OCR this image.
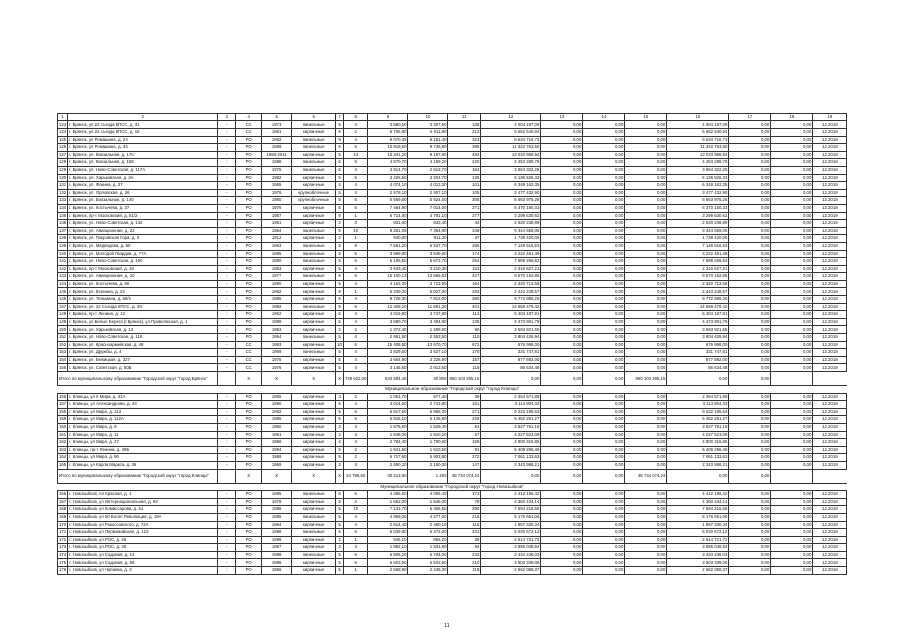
1	2	3	4	5	6	7	8	9	10	11	12	13	14	15	16	17	18	19
123	г. Брянск, ул 22 съезда КПСС, д. 31	-	СС	1973	панельные	5	4	3 580,50	3 307,50	138	4 004 197,09	0,00	0,00	0,00	4 004 197,09	0,00	0,00	12.2019
124	г. Брянск, ул 22 съезда КПСС, д. 15	-	СС	1981	кирпичные	9	2	6 706,90	6 511,90	212	5 662 540,84	0,00	0,00	0,00	5 662 540,84	0,00	0,00	12.2019
125	г. Брянск, ул Ромашина, д. 24	-	РО	1982	панельные	9	4	9 070,45	8 181,40	324	9 634 716,73	0,00	0,00	0,00	9 634 716,73	0,00	0,00	12.2019
126	г. Брянск, ул Ромашина, д. 34	-	РО	1989	панельные	9	6	10 919,60	9 736,80	395	11 322 763,60	0,00	0,00	0,00	11 322 763,60	0,00	0,00	12.2019
127	г. Брянск, ул. Вокзальная, д. 170	-	РО	1983-2011	кирпичные	5	14	10 341,20	9 167,80	482	13 033 968,94	0,00	0,00	0,00	13 033 968,94	0,00	0,00	12.2019
128	г. Брянск, ул. Вокзальная, д. 158	-	РО	1988	панельные	5	6	4 570,70	4 199,20	220	4 453 289,78	0,00	0,00	0,00	4 453 289,78	0,00	0,00	12.2019
129	г. Брянск, ул. Ново-Советская, д. 117А	-	РО	1975	панельные	5	4	3 914,70	2 612,70	164	3 964 322,25	0,00	0,00	0,00	3 964 322,25	0,00	0,00	12.2019
130	г. Брянск, ул. Харьковская, д. 3А	-	РО	1982	кирпичные	5	6	3 426,50	3 204,70	135	5 136 526,33	0,00	0,00	0,00	5 136 526,33	0,00	0,00	12.2019
131	г. Брянск, ул. Фокина, д. 37	-	РО	1955	кирпичные	4	4	4 074,10	4 013,30	101	6 349 162,35	0,00	0,00	0,00	6 349 162,35	0,00	0,00	12.2019
132	г. Брянск, ул. Орловская, д. 26	-	РО	1976	крупноблочные	5	4	2 578,10	2 307,10	105	3 477 432,90	0,00	0,00	0,00	3 477 432,90	0,00	0,00	12.2019
133	г. Брянск, ул. Вокзальная, д. 140	-	РО	1980	крупноблочные	9	6	6 569,50	5 924,00	306	6 663 975,26	0,00	0,00	0,00	6 663 975,26	0,00	0,00	12.2019
134	г. Брянск, ул. Костычева, д. 37	-	РО	1976	кирпичные	5	6	7 464,90	7 014,00	271	6 370 150,33	0,00	0,00	0,00	6 370 150,33	0,00	0,00	12.2019
135	г. Брянск, пр-т Московский, д. 61/2	-	РО	1987	кирпичные	9	1	5 714,80	4 781,10	277	3 299 630,62	0,00	0,00	0,00	3 299 630,62	0,00	0,00	12.2019
136	г. Брянск, ул. Ново-Советская, д. 142	-	РО	1951	кирпичные	2	3	931,60	833,40	44	2 620 238,89	0,00	0,00	0,00	2 620 238,89	0,00	0,00	12.2019
137	г. Брянск, ул. Авиационная, д. 22	-	РО	1964	панельные	5	10	8 251,05	7 364,80	348	9 344 659,05	0,00	0,00	0,00	9 344 659,05	0,00	0,00	12.2019
138	г. Брянск, ул. Покровская Гора, д. 3	-	РО	1912	кирпичные	2	1	940,80	811,30	37	1 739 420,05	0,00	0,00	0,00	1 739 420,05	0,00	0,00	12.2019
139	г. Брянск, ул. Медведева, д. 50	-	РО	1963	панельные	5	9	7 561,20	6 537,70	286	7 148 516,53	0,00	0,00	0,00	7 148 516,53	0,00	0,00	12.2019
140	г. Брянск, ул. Молодой Гвардии, д. 77А	-	РО	1985	панельные	5	5	3 999,80	3 549,60	174	3 222 461,49	0,00	0,00	0,00	3 222 461,49	0,00	0,00	12.2019
141	г. Брянск, ул. Ново-Советская, д. 160	-	РО	1980	панельные	9	6	6 195,50	5 672,70	264	7 689 266,53	0,00	0,00	0,00	7 689 266,53	0,00	0,00	12.2019
142	г. Брянск, пр-т Московский, д. 19	-	РО	1963	кирпичные	5	4	3 643,40	3 210,30	153	2 316 627,21	0,00	0,00	0,00	2 316 627,21	0,00	0,00	12.2019
143	г. Брянск, ул. Авиационная, д. 10	-	РО	1977	панельные	9	6	15 100,13	13 565,83	427	9 570 152,85	0,00	0,00	0,00	9 570 152,85	0,00	0,00	12.2019
144	г. Брянск, ул. Костычева, д. 60	-	РО	1980	кирпичные	5	4	4 163,30	3 713,90	154	2 320 713,58	0,00	0,00	0,00	2 320 713,58	0,00	0,00	12.2019
145	г. Брянск, ул. Есенина, д. 24	-	РО	1982	кирпичные	9	1	5 339,30	5 027,00	283	2 443 248,57	0,00	0,00	0,00	2 443 248,57	0,00	0,00	12.2019
146	г. Брянск, ул. Тельмана, д. 68/1	-	РО	1985	кирпичные	9	4	8 728,30	7 912,00	380	9 772 986,20	0,00	0,00	0,00	9 772 986,20	0,00	0,00	12.2019
147	г. Брянск, ул. 22 Съезда КПСС, д. 39	-	РО	1982	панельные	9	6	12 409,20	11 591,20	401	14 659 479,42	0,00	0,00	0,00	14 659 479,42	0,00	0,00	12.2019
148	г. Брянск, пр-т Ленина, д. 12	-	РО	1962	кирпичные	5	4	4 016,80	3 747,80	112	5 404 187,81	0,00	0,00	0,00	5 404 187,81	0,00	0,00	12.2019
149	г. Брянск, ул.Белые Берега (г.Брянск), ул.Приволжская, д. 1	-	РО	1989	кирпичные	5	4	3 690,70	3 494,80	135	4 473 901,79	0,00	0,00	0,00	4 473 901,79	0,00	0,00	12.2019
150	г. Брянск, ул. Харьковская, д. 13	-	РО	1953	кирпичные	2	2	1 372,40	1 289,80	60	3 593 921,55	0,00	0,00	0,00	3 593 921,55	0,00	0,00	12.2019
151	г. Брянск, ул. Ново-Советская, д. 118	-	РО	1964	панельные	5	4	2 951,50	2 553,50	110	3 804 426,94	0,00	0,00	0,00	3 804 426,94	0,00	0,00	12.2019
152	г. Брянск, ул. Красноармейская, д. 48	-	СС	1993	кирпичные	10	6	15 408,50	13 670,70	672	676 968,00	0,00	0,00	0,00	676 968,00	0,00	0,00	12.2019
153	г. Брянск, ул. Дружбы, д. 4	-	СС	1969	панельные	5	4	3 829,50	3 527,10	170	331 747,81	0,00	0,00	0,00	331 747,81	0,00	0,00	12.2019
154	г. Брянск, ул. Бежицкая, д. 327	-	СС	1976	кирпичные	5	4	3 604,90	3 226,90	157	877 892,00	0,00	0,00	0,00	877 892,00	0,00	0,00	12.2019
155	г. Брянск, ул. Советская, д. 50Б	-	СС	1976	кирпичные	5	4	3 145,50	2 913,50	116	86 634,48	0,00	0,00	0,00	86 634,48	0,00	0,00	12.2019
Итого по муниципальному образованию "Городской округ "город Брянск"			X	X	X	X	729 622,00	633 594,45	30 809	860 103 265,16	0,00	0,00	0,00	860 103 265,16	0,00	0,00		
Муниципальное образование "Городской округ "город Клинцы"																		
156	г. Клинцы, ул II Мира, д. 31А	-	РО	1965	кирпичные	3	2	1 051,70	977,40	39	2 364 571,88	0,00	0,00	0,00	2 364 571,88	0,00	0,00	12.2019
157	г. Клинцы, ул Александрова, д. 43	-	РО	1990	кирпичные	5	4	3 014,50	2 743,80	151	3 113 804,33	0,00	0,00	0,00	3 113 804,33	0,00	0,00	12.2019
158	г. Клинцы, ул Мира, д. 113	-	РО	1982	кирпичные	5	6	6 617,50	5 958,30	271	9 222 195,63	0,00	0,00	0,00	9 222 195,63	0,00	0,00	12.2019
159	г. Клинцы, ул Мира, д. 112А	-	РО	1985	кирпичные	5	6	5 615,10	5 145,80	226	5 452 251,27	0,00	0,00	0,00	5 452 251,27	0,00	0,00	12.2019
160	г. Клинцы, ул Мира, д. 9	-	РО	1960	кирпичные	3	3	1 675,60	1 529,40	61	3 627 761,19	0,00	0,00	0,00	3 627 761,19	0,00	0,00	12.2019
161	г. Клинцы, ул Мира, д. 11	-	РО	1961	кирпичные	3	3	1 648,00	1 510,20	67	4 227 523,09	0,00	0,00	0,00	4 227 523,09	0,00	0,00	12.2019
162	г. Клинцы, ул Мира, д. 27	-	РО	1968	кирпичные	4	4	2 784,40	1 790,60	159	4 800 316,85	0,00	0,00	0,00	4 800 316,85	0,00	0,00	12.2019
163	г. Клинцы, пр-т Ленина, д. 49Б	-	РО	1994	кирпичные	5	2	1 641,50	1 510,50	81	5 409 296,46	0,00	0,00	0,00	5 409 296,46	0,00	0,00	12.2019
164	г. Клинцы, ул Мира, д. 90	-	РО	1989	кирпичные	9	2	6 717,60	5 903,80	272	7 061 133,63	0,00	0,00	0,00	7 061 133,63	0,00	0,00	12.2019
165	г. Клинцы, ул Карла Маркса, д. 36	-	РО	1969	кирпичные	3	3	2 590,20	2 150,00	147	2 343 988,21	0,00	0,00	0,00	2 343 988,21	0,00	0,00	12.2019
Итого по муниципальному образованию "Городской округ "город Клинцы"			X	X	X	X	34 796,60	30 213,80	1 483	48 734 074,24	0,00	0,00	0,00	48 734 074,24	0,00	0,00		
Муниципальное образование "Городской округ "город Новозыбков"																		
166	г. Новозыбков, пл Красная, д. 1	-	РО	1985	панельные	5	6	4 495,60	4 065,40	173	4 412 196,42	0,00	0,00	0,00	4 412 196,42	0,00	0,00	12.2019
167	г. Новозыбков, ул Интернациональная, д. 92	-	РО	1979	кирпичные	5	2	1 652,00	1 546,00	78	4 360 434,14	0,00	0,00	0,00	4 360 434,14	0,00	0,00	12.2019
168	г. Новозыбков, ул Комиссарова, д. 51	-	РО	1986	кирпичные	5	10	7 131,70	6 406,50	290	7 594 215,55	0,00	0,00	0,00	7 594 215,55	0,00	0,00	12.2019
169	г. Новозыбков, ул 50 Волет Революции, д. 19А	-	РО	1985	панельные	5	4	4 969,00	4 277,00	216	5 176 651,06	0,00	0,00	0,00	5 176 651,06	0,00	0,00	12.2019
170	г. Новозыбков, ул Рокоссовского, д. 72А	-	РО	1964	кирпичные	5	4	2 614,40	2 460,10	115	1 857 330,34	0,00	0,00	0,00	1 857 330,34	0,00	0,00	12.2019
171	г. Новозыбков, ул Первомайская, д. 123	-	РО	1988	панельные	5	6	6 039,80	5 272,00	231	5 030 672,12	0,00	0,00	0,00	5 030 672,12	0,00	0,00	12.2019
172	г. Новозыбков, ул.РОС, д. 26	-	РО	1986	кирпичные	2	1	945,10	856,20	38	2 614 721,72	0,00	0,00	0,00	2 614 721,72	0,00	0,00	12.2019
173	г. Новозыбков, ул.РОС, д. 30	-	РО	1987	кирпичные	3	3	1 982,10	1 831,80	84	3 885 048,94	0,00	0,00	0,00	3 885 048,94	0,00	0,00	12.2019
174	г. Новозыбков, ул Садовая, д. 14	-	РО	1988	панельные	5	6	6 505,20	5 704,00	233	3 434 236,03	0,00	0,00	0,00	3 434 236,03	0,00	0,00	12.2019
175	г. Новозыбков, ул Садовая, д. 58	-	РО	1986	кирпичные	5	6	6 603,50	5 532,60	210	3 503 339,06	0,00	0,00	0,00	3 503 339,06	0,00	0,00	12.2019
176	г. Новозыбков, ул Чапаева, д. 3	-	РО	1966	кирпичные	5	1	2 668,90	2 445,30	119	2 662 059,37	0,00	0,00	0,00	2 662 059,37	0,00	0,00	12.2019
11
